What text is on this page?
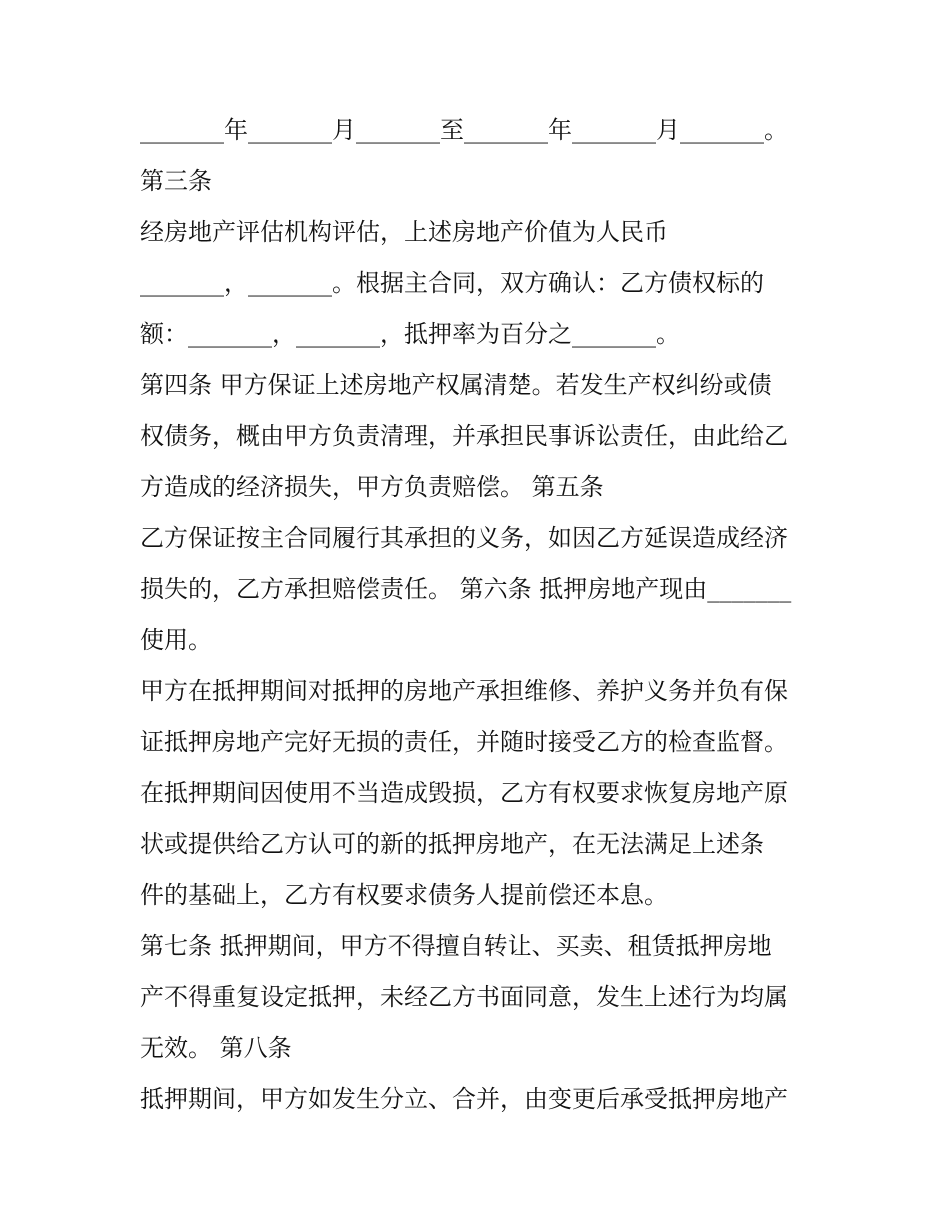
_______年_______月_______至_______年_______月_______。
第三条
经房地产评估机构评估，上述房地产价值为人民币
_______，_______。根据主合同，双方确认：乙方债权标的
额：_______，_______，抵押率为百分之_______。
第四条 甲方保证上述房地产权属清楚。若发生产权纠纷或债
权债务，概由甲方负责清理，并承担民事诉讼责任，由此给乙
方造成的经济损失，甲方负责赔偿。 第五条
乙方保证按主合同履行其承担的义务，如因乙方延误造成经济
损失的，乙方承担赔偿责任。 第六条 抵押房地产现由_______
使用。
甲方在抵押期间对抵押的房地产承担维修、养护义务并负有保
证抵押房地产完好无损的责任，并随时接受乙方的检查监督。
在抵押期间因使用不当造成毁损，乙方有权要求恢复房地产原
状或提供给乙方认可的新的抵押房地产，在无法满足上述条
件的基础上，乙方有权要求债务人提前偿还本息。
第七条 抵押期间，甲方不得擅自转让、买卖、租赁抵押房地
产不得重复设定抵押，未经乙方书面同意，发生上述行为均属
无效。 第八条
抵押期间，甲方如发生分立、合并，由变更后承受抵押房地产
